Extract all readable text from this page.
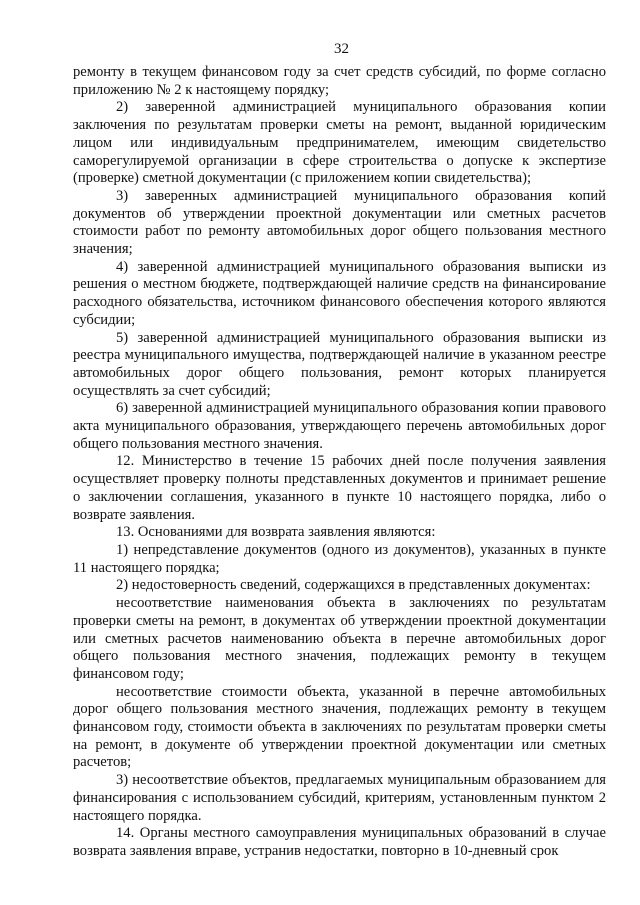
32

ремонту в текущем финансовом году за счет средств субсидий, по форме согласно приложению № 2 к настоящему порядку;

2) заверенной администрацией муниципального образования копии заключения по результатам проверки сметы на ремонт, выданной юридическим лицом или индивидуальным предпринимателем, имеющим свидетельство саморегулируемой организации в сфере строительства о допуске к экспертизе (проверке) сметной документации (с приложением копии свидетельства);

3) заверенных администрацией муниципального образования копий документов об утверждении проектной документации или сметных расчетов стоимости работ по ремонту автомобильных дорог общего пользования местного значения;

4) заверенной администрацией муниципального образования выписки из решения о местном бюджете, подтверждающей наличие средств на финансирование расходного обязательства, источником финансового обеспечения которого являются субсидии;

5) заверенной администрацией муниципального образования выписки из реестра муниципального имущества, подтверждающей наличие в указанном реестре автомобильных дорог общего пользования, ремонт которых планируется осуществлять за счет субсидий;

6) заверенной администрацией муниципального образования копии правового акта муниципального образования, утверждающего перечень автомобильных дорог общего пользования местного значения.

12. Министерство в течение 15 рабочих дней после получения заявления осуществляет проверку полноты представленных документов и принимает решение о заключении соглашения, указанного в пункте 10 настоящего порядка, либо о возврате заявления.

13. Основаниями для возврата заявления являются:

1) непредставление документов (одного из документов), указанных в пункте 11 настоящего порядка;

2) недостоверность сведений, содержащихся в представленных документах:

несоответствие наименования объекта в заключениях по результатам проверки сметы на ремонт, в документах об утверждении проектной документации или сметных расчетов наименованию объекта в перечне автомобильных дорог общего пользования местного значения, подлежащих ремонту в текущем финансовом году;

несоответствие стоимости объекта, указанной в перечне автомобильных дорог общего пользования местного значения, подлежащих ремонту в текущем финансовом году, стоимости объекта в заключениях по результатам проверки сметы на ремонт, в документе об утверждении проектной документации или сметных расчетов;

3) несоответствие объектов, предлагаемых муниципальным образованием для финансирования с использованием субсидий, критериям, установленным пунктом 2 настоящего порядка.

14. Органы местного самоуправления муниципальных образований в случае возврата заявления вправе, устранив недостатки, повторно в 10-дневный срок
